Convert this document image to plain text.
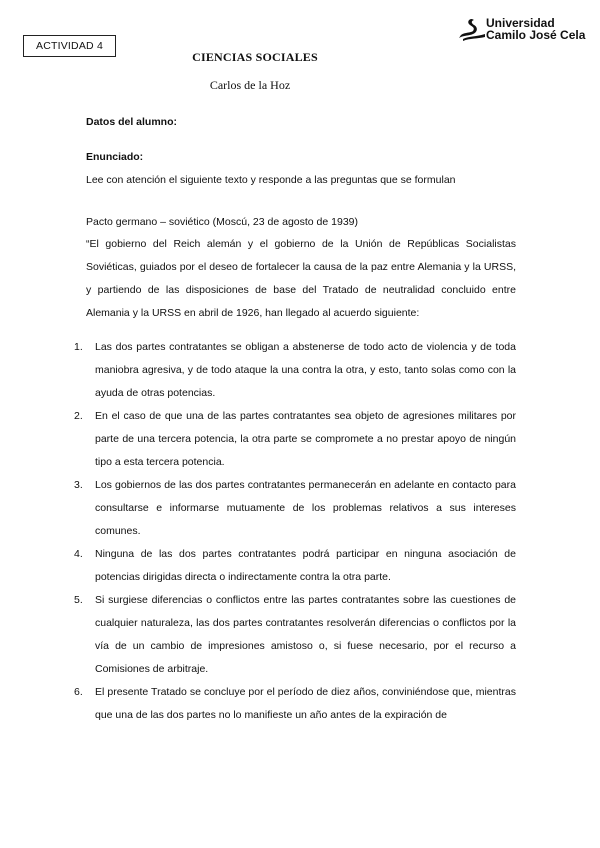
ACTIVIDAD 4
Universidad
Camilo José Cela
CIENCIAS SOCIALES
Carlos de la Hoz
Datos del alumno:
Enunciado:
Lee con atención el siguiente texto y responde a las preguntas que se formulan
Pacto germano – soviético (Moscú, 23 de agosto de 1939)
“El gobierno del Reich alemán y el gobierno de la Unión de Repúblicas Socialistas Soviéticas, guiados por el deseo de fortalecer la causa de la paz entre Alemania y la URSS, y partiendo de las disposiciones de base del Tratado de neutralidad concluido entre Alemania y la URSS en abril de 1926, han llegado al acuerdo siguiente:
1. Las dos partes contratantes se obligan a abstenerse de todo acto de violencia y de toda maniobra agresiva, y de todo ataque la una contra la otra, y esto, tanto solas como con la ayuda de otras potencias.
2. En el caso de que una de las partes contratantes sea objeto de agresiones militares por parte de una tercera potencia, la otra parte se compromete a no prestar apoyo de ningún tipo a esta tercera potencia.
3. Los gobiernos de las dos partes contratantes permanecerán en adelante en contacto para consultarse e informarse mutuamente de los problemas relativos a sus intereses comunes.
4. Ninguna de las dos partes contratantes podrá participar en ninguna asociación de potencias dirigidas directa o indirectamente contra la otra parte.
5. Si surgiese diferencias o conflictos entre las partes contratantes sobre las cuestiones de cualquier naturaleza, las dos partes contratantes resolverán diferencias o conflictos por la vía de un cambio de impresiones amistoso o, si fuese necesario, por el recurso a Comisiones de arbitraje.
6. El presente Tratado se concluye por el período de diez años, conviniéndose que, mientras que una de las dos partes no lo manifieste un año antes de la expiración de
